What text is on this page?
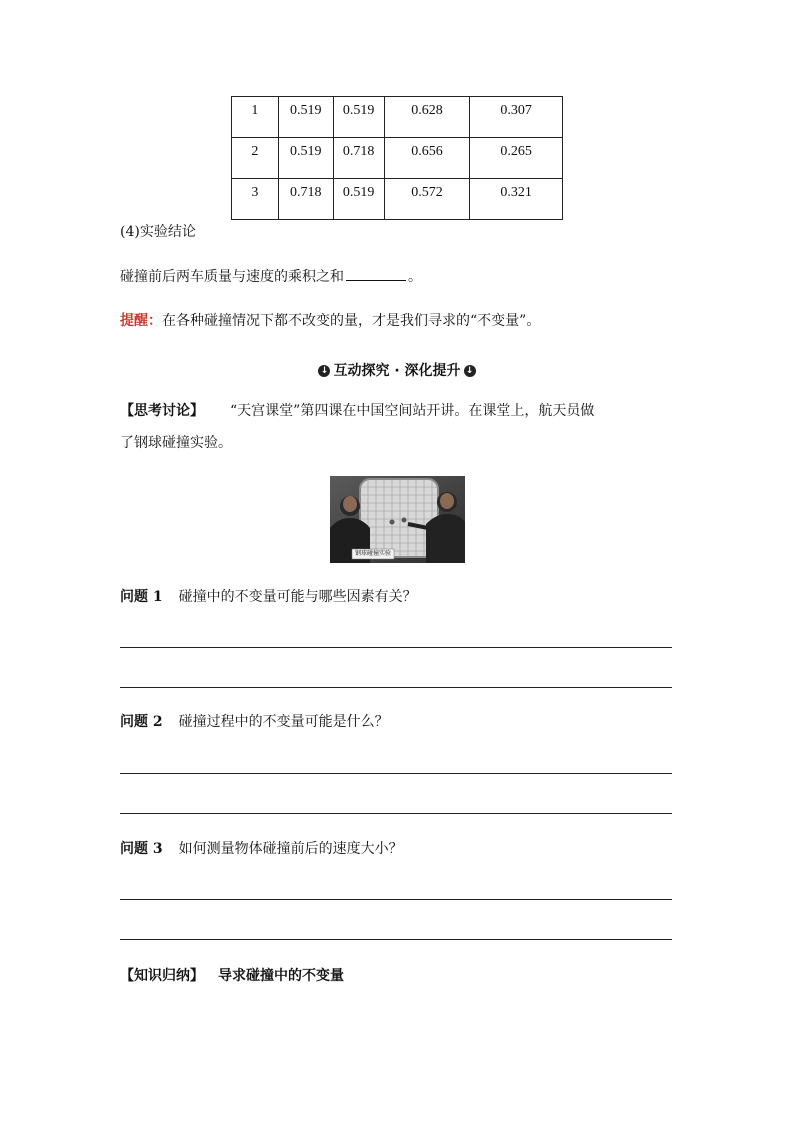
1	0.519	0.519	0.628	0.307
2	0.519	0.718	0.656	0.265
3	0.718	0.519	0.572	0.321
(4)实验结论
碰撞前后两车质量与速度的乘积之和	。
提醒：在各种碰撞情况下都不改变的量，才是我们寻求的“不变量”。
↓ 互动探究 · 深化提升 ↓
【思考讨论】 “天宫课堂”第四课在中国空间站开讲。在课堂上，航天员做
了钢球碰撞实验。
钢球碰撞实验
问题 1 碰撞中的不变量可能与哪些因素有关？
问题 2 碰撞过程中的不变量可能是什么？
问题 3 如何测量物体碰撞前后的速度大小？
【知识归纳】 导求碰撞中的不变量
